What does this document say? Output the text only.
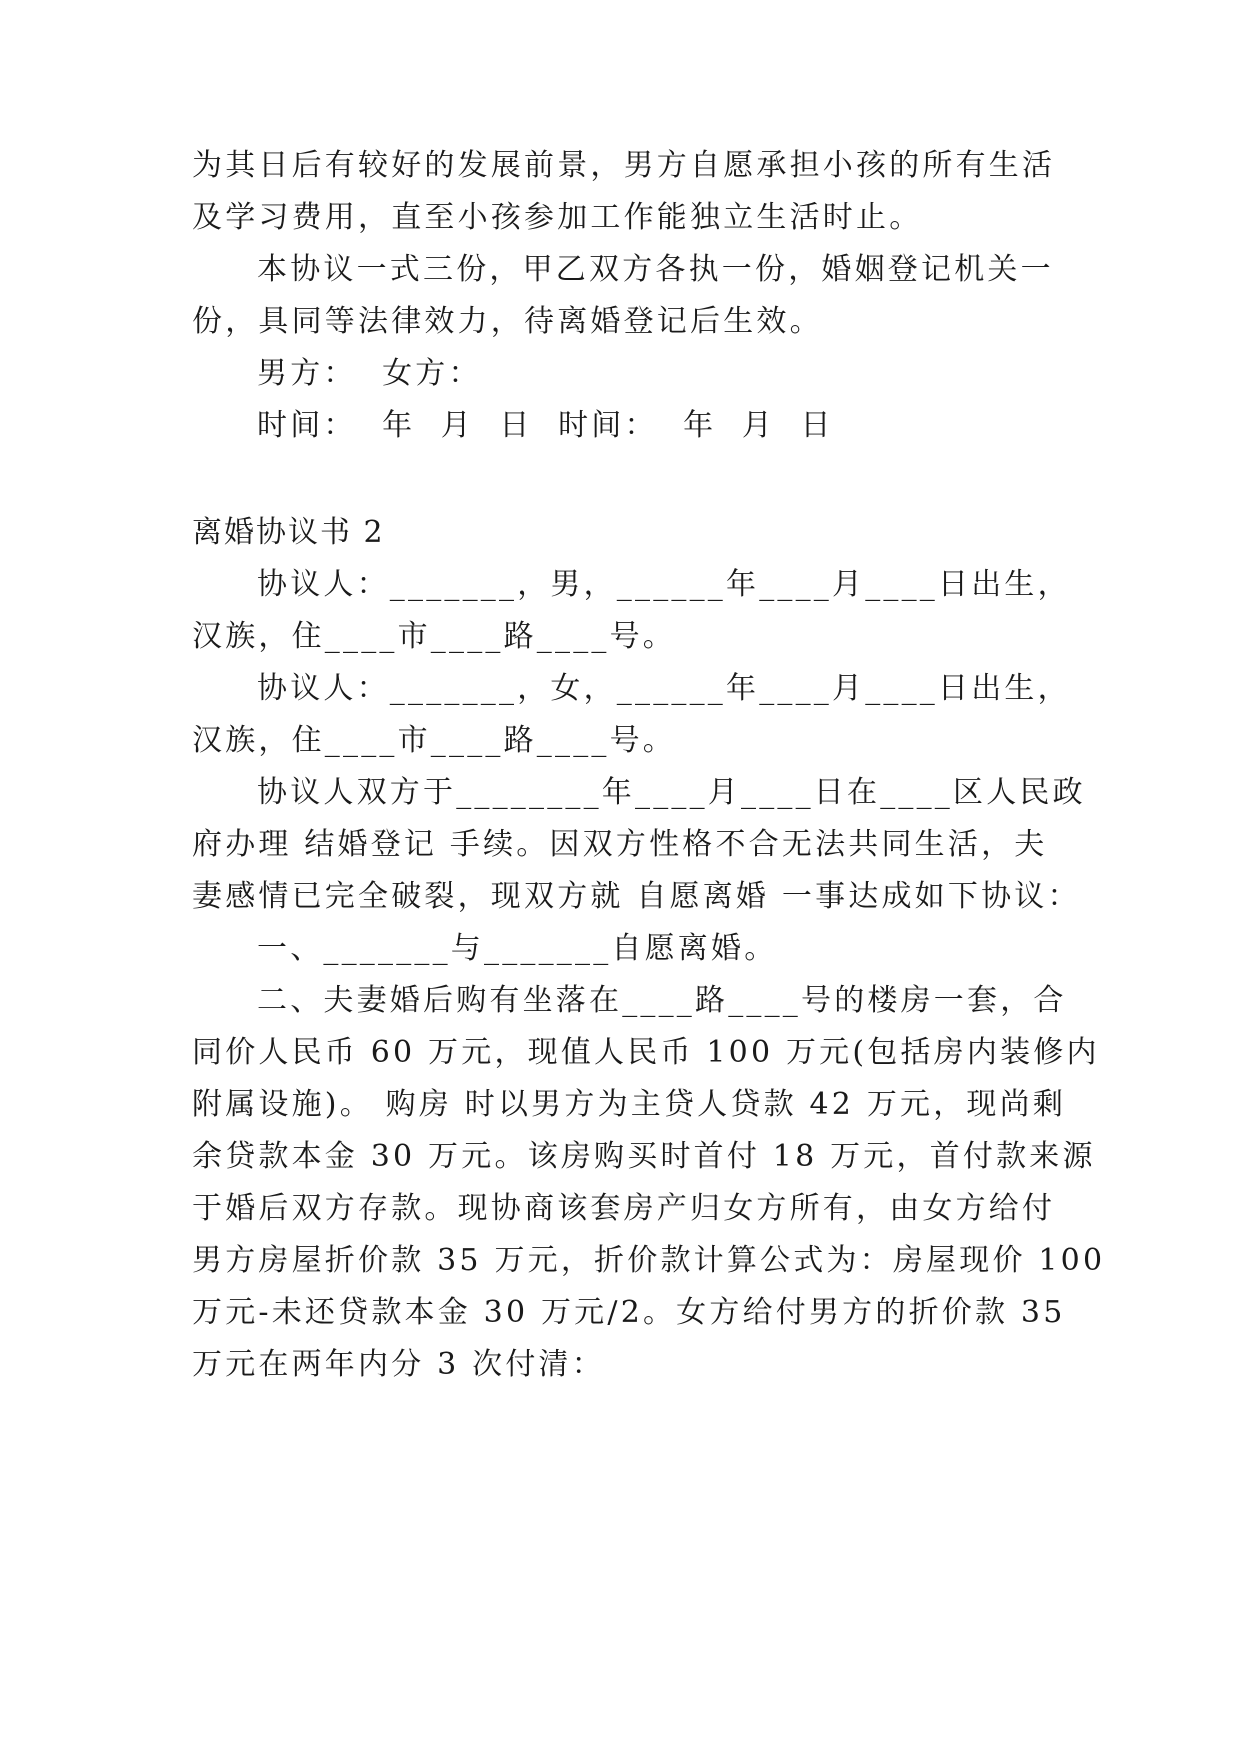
为其日后有较好的发展前景，男方自愿承担小孩的所有生活
及学习费用，直至小孩参加工作能独立生活时止。
本协议一式三份，甲乙双方各执一份，婚姻登记机关一
份，具同等法律效力，待离婚登记后生效。
男方：  女方：
时间：  年  月  日  时间：  年  月  日
离婚协议书 2
协议人：_______，男，______年____月____日出生，
汉族，住____市____路____号。
协议人：_______，女，______年____月____日出生，
汉族，住____市____路____号。
协议人双方于________年____月____日在____区人民政
府办理 结婚登记 手续。因双方性格不合无法共同生活，夫
妻感情已完全破裂，现双方就 自愿离婚 一事达成如下协议：
一、_______与_______自愿离婚。
二、夫妻婚后购有坐落在____路____号的楼房一套，合
同价人民币 60 万元，现值人民币 100 万元(包括房内装修内
附属设施)。 购房 时以男方为主贷人贷款 42 万元，现尚剩
余贷款本金 30 万元。该房购买时首付 18 万元，首付款来源
于婚后双方存款。现协商该套房产归女方所有，由女方给付
男方房屋折价款 35 万元，折价款计算公式为：房屋现价 100
万元-未还贷款本金 30 万元/2。女方给付男方的折价款 35
万元在两年内分 3 次付清：
